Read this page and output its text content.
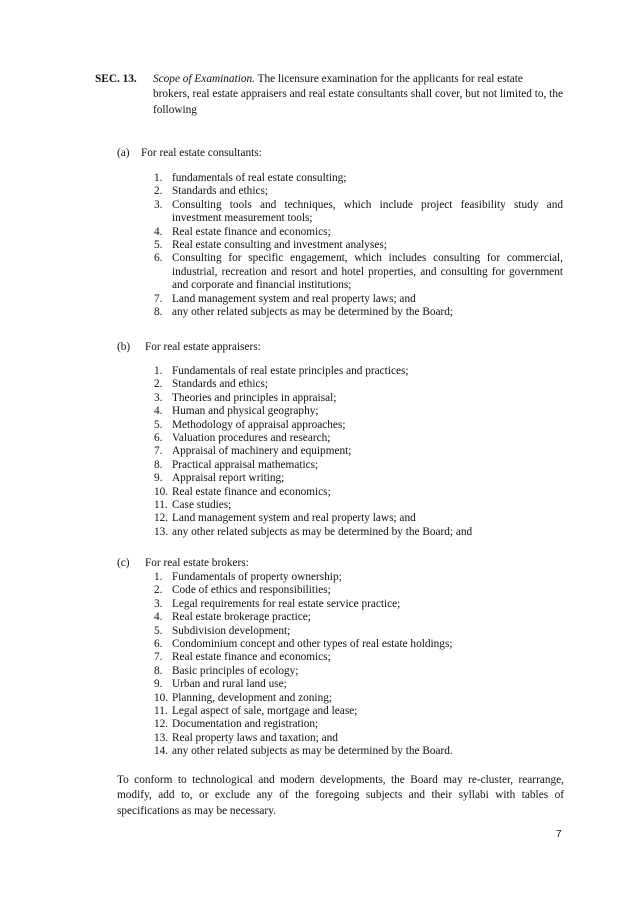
SEC. 13. Scope of Examination. The licensure examination for the applicants for real estate
brokers, real estate appraisers and real estate consultants shall cover, but not limited to, the following
(a) For real estate consultants:
1. fundamentals of real estate consulting;
2. Standards and ethics;
3. Consulting tools and techniques, which include project feasibility study and investment measurement tools;
4. Real estate finance and economics;
5. Real estate consulting and investment analyses;
6. Consulting for specific engagement, which includes consulting for commercial, industrial, recreation and resort and hotel properties, and consulting for government and corporate and financial institutions;
7. Land management system and real property laws; and
8. any other related subjects as may be determined by the Board;
(b) For real estate appraisers:
1. Fundamentals of real estate principles and practices;
2. Standards and ethics;
3. Theories and principles in appraisal;
4. Human and physical geography;
5. Methodology of appraisal approaches;
6. Valuation procedures and research;
7. Appraisal of machinery and equipment;
8. Practical appraisal mathematics;
9. Appraisal report writing;
10. Real estate finance and economics;
11. Case studies;
12. Land management system and real property laws; and
13. any other related subjects as may be determined by the Board; and
(c) For real estate brokers:
1. Fundamentals of property ownership;
2. Code of ethics and responsibilities;
3. Legal requirements for real estate service practice;
4. Real estate brokerage practice;
5. Subdivision development;
6. Condominium concept and other types of real estate holdings;
7. Real estate finance and economics;
8. Basic principles of ecology;
9. Urban and rural land use;
10. Planning, development and zoning;
11. Legal aspect of sale, mortgage and lease;
12. Documentation and registration;
13. Real property laws and taxation; and
14. any other related subjects as may be determined by the Board.
To conform to technological and modern developments, the Board may re-cluster, rearrange, modify, add to, or exclude any of the foregoing subjects and their syllabi with tables of specifications as may be necessary.
7
